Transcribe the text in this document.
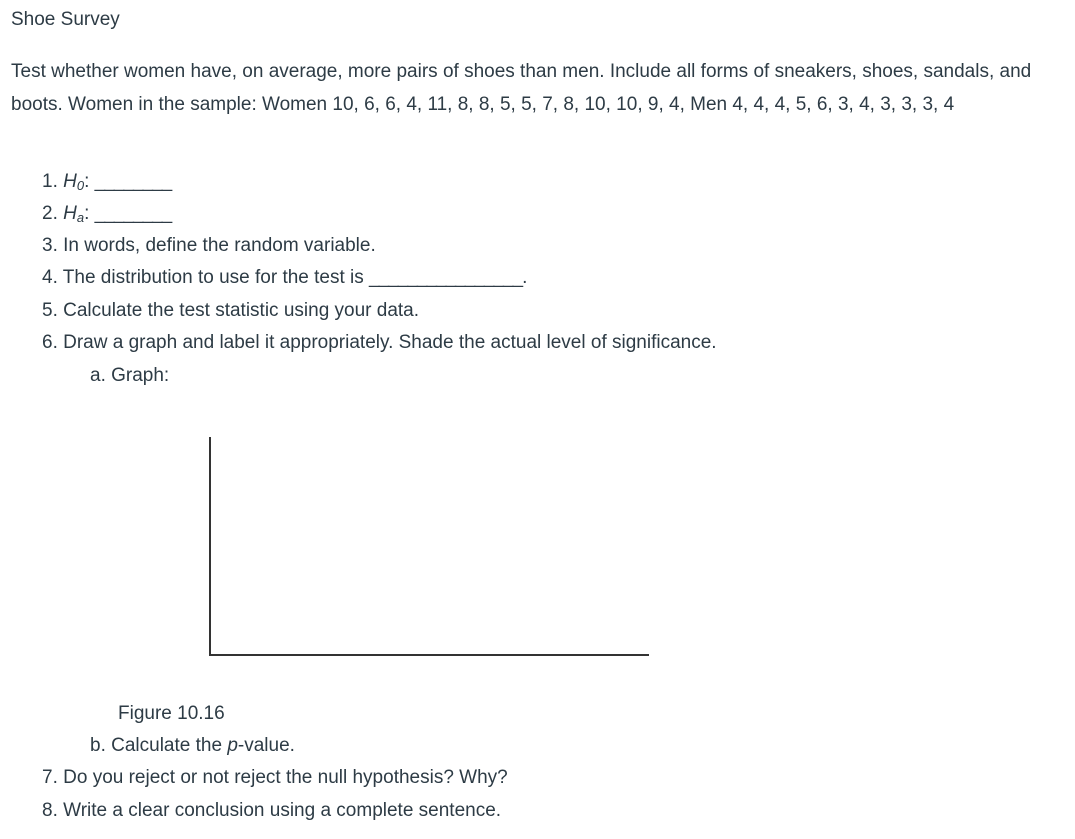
Shoe Survey
Test whether women have, on average, more pairs of shoes than men. Include all forms of sneakers, shoes, sandals, and boots. Women in the sample: Women 10, 6, 6, 4, 11, 8, 8, 5, 5, 7, 8, 10, 10, 9, 4, Men 4, 4, 4, 5, 6, 3, 4, 3, 3, 3, 4
1. $H_0$: ________
2. $H_a$: ________
3. In words, define the random variable.
4. The distribution to use for the test is ________________.
5. Calculate the test statistic using your data.
6. Draw a graph and label it appropriately. Shade the actual level of significance.
a. Graph:
Figure 10.16
b. Calculate the p-value.
7. Do you reject or not reject the null hypothesis? Why?
8. Write a clear conclusion using a complete sentence.
